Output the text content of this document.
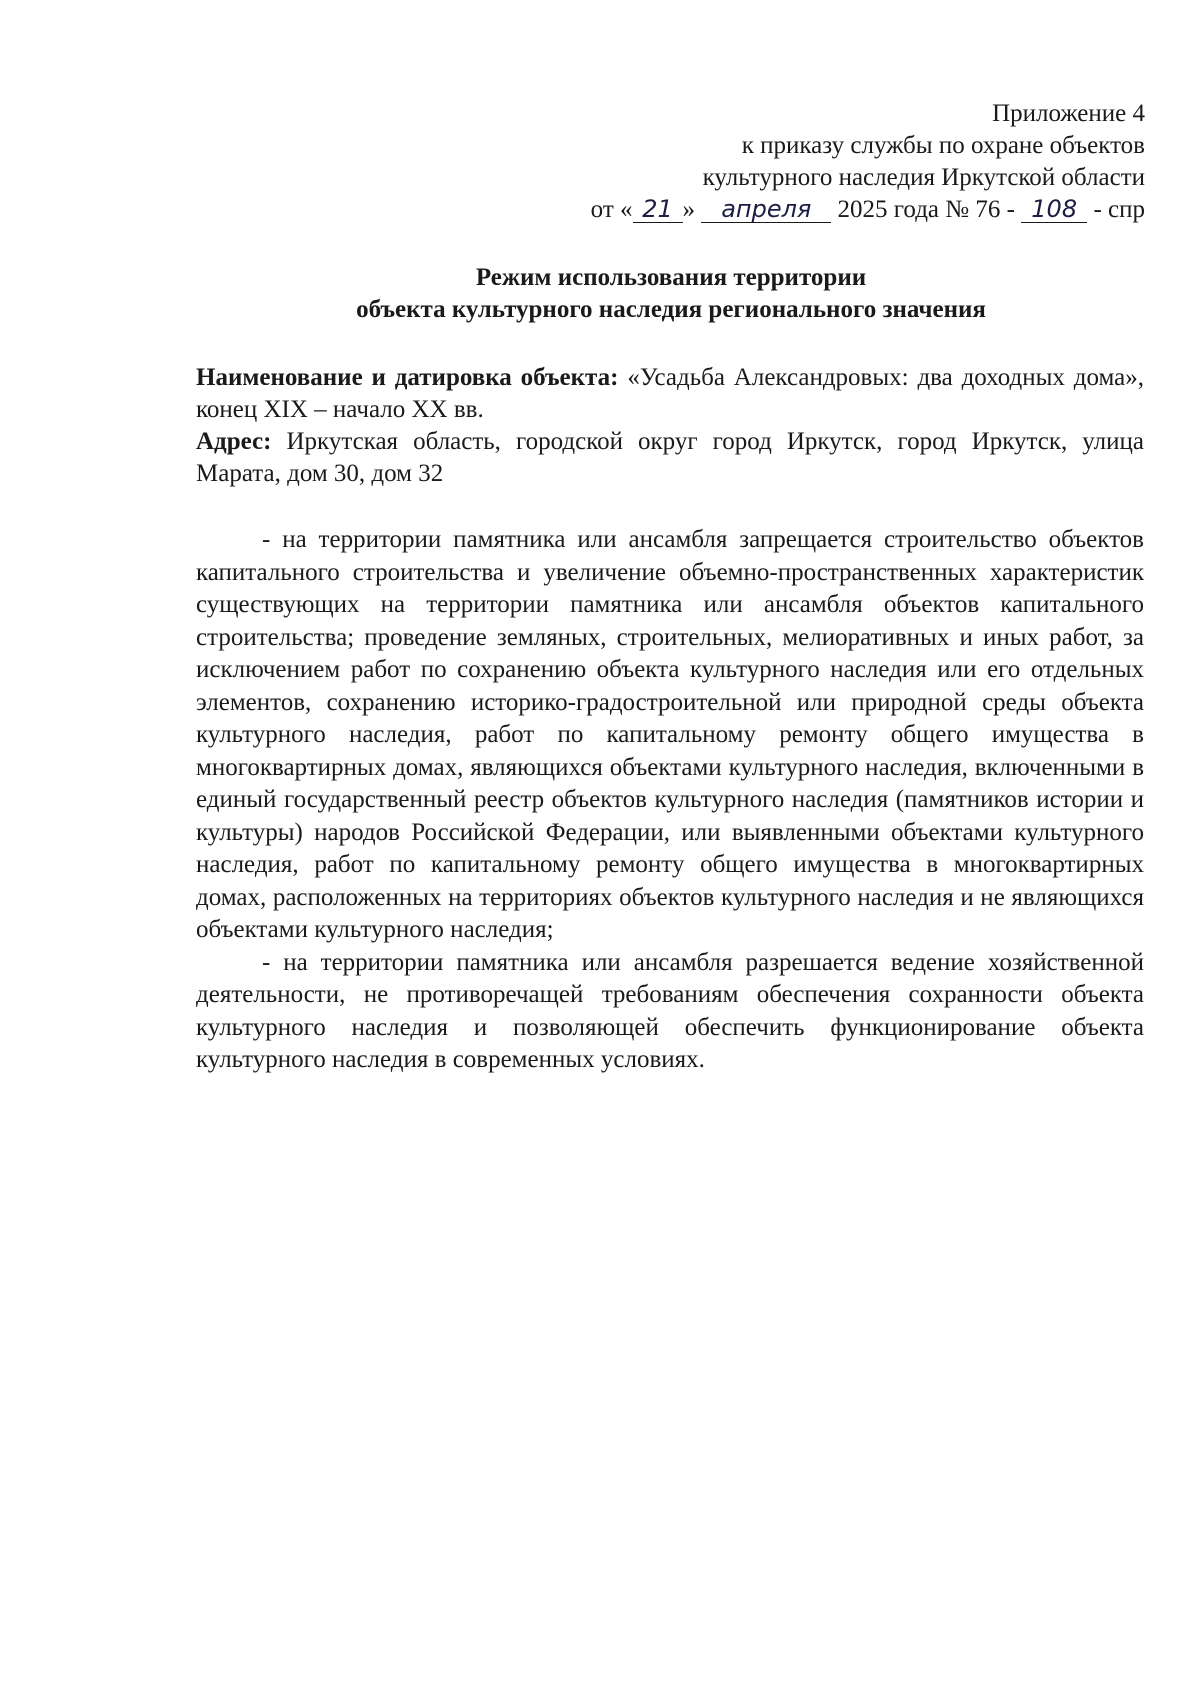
Приложение 4
к приказу службы по охране объектов
культурного наследия Иркутской области
от « 21 » апреля 2025 года № 76 - 108 - спр
Режим использования территории
объекта культурного наследия регионального значения

Наименование и датировка объекта: «Усадьба Александровых: два доходных дома», конец XIX – начало XX вв.

Адрес: Иркутская область, городской округ город Иркутск, город Иркутск, улица Марата, дом 30, дом 32

- на территории памятника или ансамбля запрещается строительство объектов капитального строительства и увеличение объемно-пространственных характеристик существующих на территории памятника или ансамбля объектов капитального строительства; проведение земляных, строительных, мелиоративных и иных работ, за исключением работ по сохранению объекта культурного наследия или его отдельных элементов, сохранению историко-градостроительной или природной среды объекта культурного наследия, работ по капитальному ремонту общего имущества в многоквартирных домах, являющихся объектами культурного наследия, включенными в единый государственный реестр объектов культурного наследия (памятников истории и культуры) народов Российской Федерации, или выявленными объектами культурного наследия, работ по капитальному ремонту общего имущества в многоквартирных домах, расположенных на территориях объектов культурного наследия и не являющихся объектами культурного наследия;

- на территории памятника или ансамбля разрешается ведение хозяйственной деятельности, не противоречащей требованиям обеспечения сохранности объекта культурного наследия и позволяющей обеспечить функционирование объекта культурного наследия в современных условиях.
